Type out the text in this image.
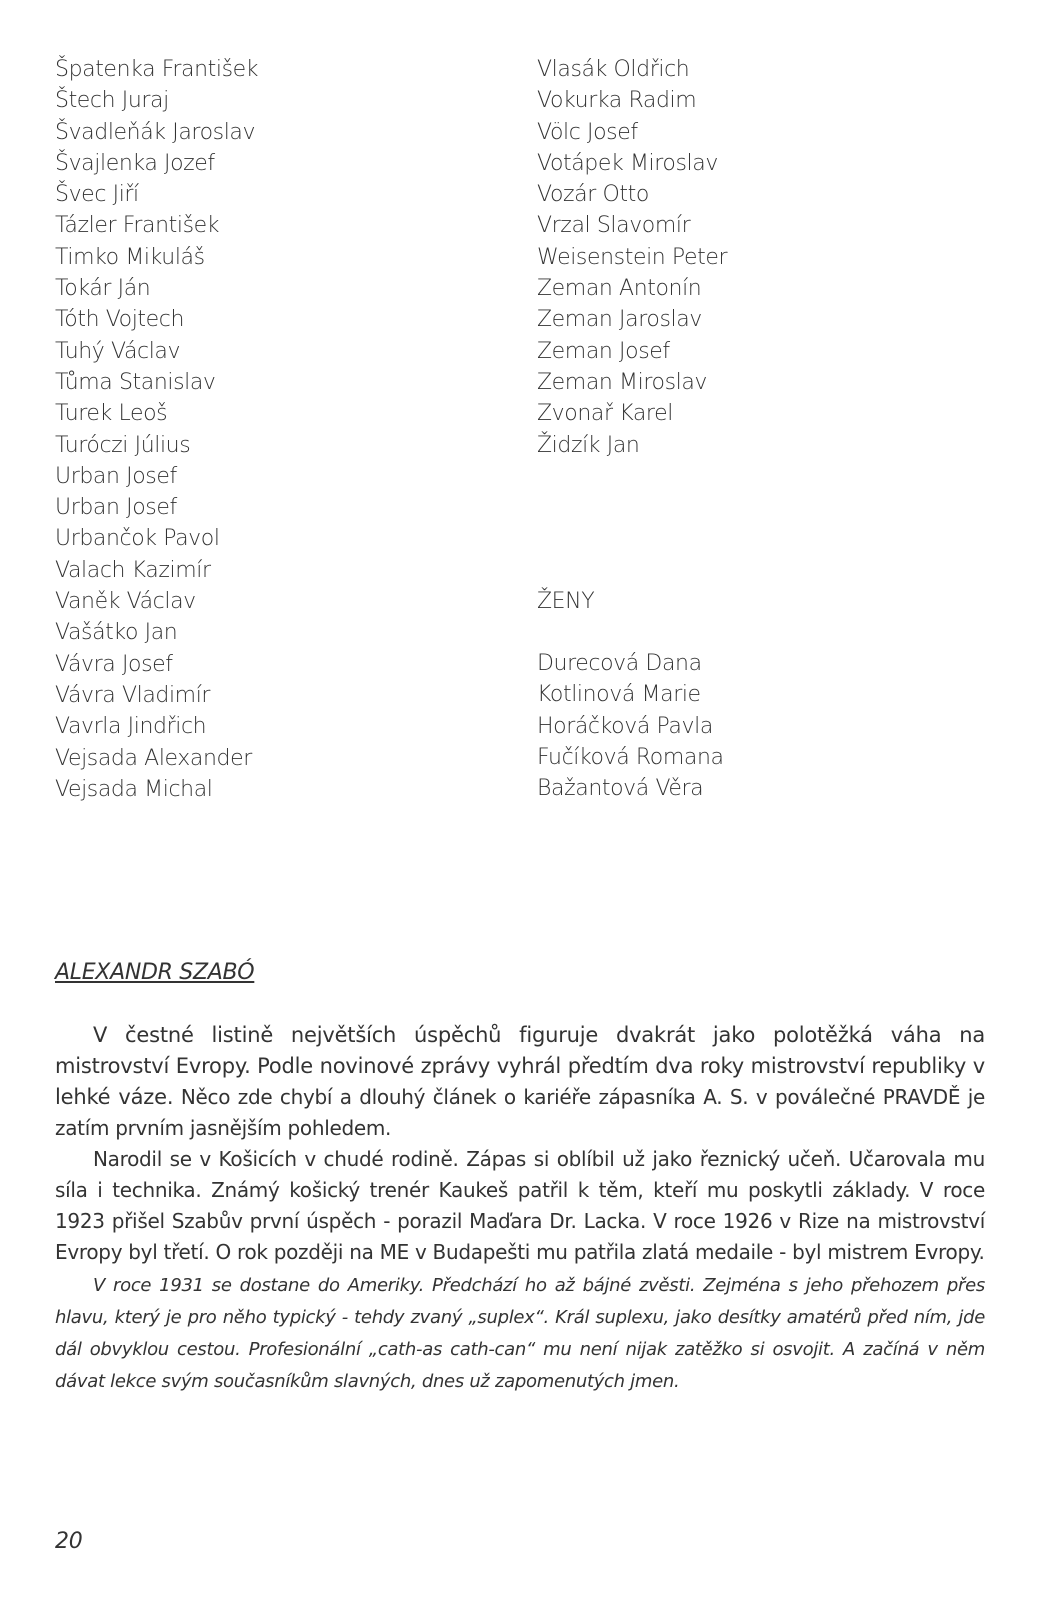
Špatenka František
Štech Juraj
Švadleňák Jaroslav
Švajlenka Jozef
Švec Jiří
Tázler František
Timko Mikuláš
Tokár Ján
Tóth Vojtech
Tuhý Václav
Tůma Stanislav
Turek Leoš
Turóczi Július
Urban Josef
Urban Josef
Urbančok Pavol
Valach Kazimír
Vaněk Václav
Vašátko Jan
Vávra Josef
Vávra Vladimír
Vavrla Jindřich
Vejsada Alexander
Vejsada Michal
Vlasák Oldřich
Vokurka Radim
Völc Josef
Votápek Miroslav
Vozár Otto
Vrzal Slavomír
Weisenstein Peter
Zeman Antonín
Zeman Jaroslav
Zeman Josef
Zeman Miroslav
Zvonař Karel
Židzík Jan
ŽENY
Durecová Dana
Kotlinová Marie
Horáčková Pavla
Fučíková Romana
Bažantová Věra
ALEXANDR SZABÓ

V čestné listině největších úspěchů figuruje dvakrát jako polotěžká váha na mistrovství Evropy. Podle novinové zprávy vyhrál předtím dva roky mistrovství republiky v lehké váze. Něco zde chybí a dlouhý článek o kariéře zápasníka A. S. v poválečné PRAVDĚ je zatím prvním jasnějším pohledem.

Narodil se v Košicích v chudé rodině. Zápas si oblíbil už jako řeznický učeň. Učarovala mu síla i technika. Známý košický trenér Kaukeš patřil k těm, kteří mu poskytli základy. V roce 1923 přišel Szabův první úspěch - porazil Maďara Dr. Lacka. V roce 1926 v Rize na mistrovství Evropy byl třetí. O rok později na ME v Budapešti mu patřila zlatá medaile - byl mistrem Evropy.

V roce 1931 se dostane do Ameriky. Předchází ho až bájné zvěsti. Zejména s jeho přehozem přes hlavu, který je pro něho typický - tehdy zvaný „suplex“. Král suplexu, jako desítky amatérů před ním, jde dál obvyklou cestou. Profesionální „cath-as cath-can“ mu není nijak zatěžko si osvojit. A začíná v něm dávat lekce svým současníkům slavných, dnes už zapomenutých jmen.

20
